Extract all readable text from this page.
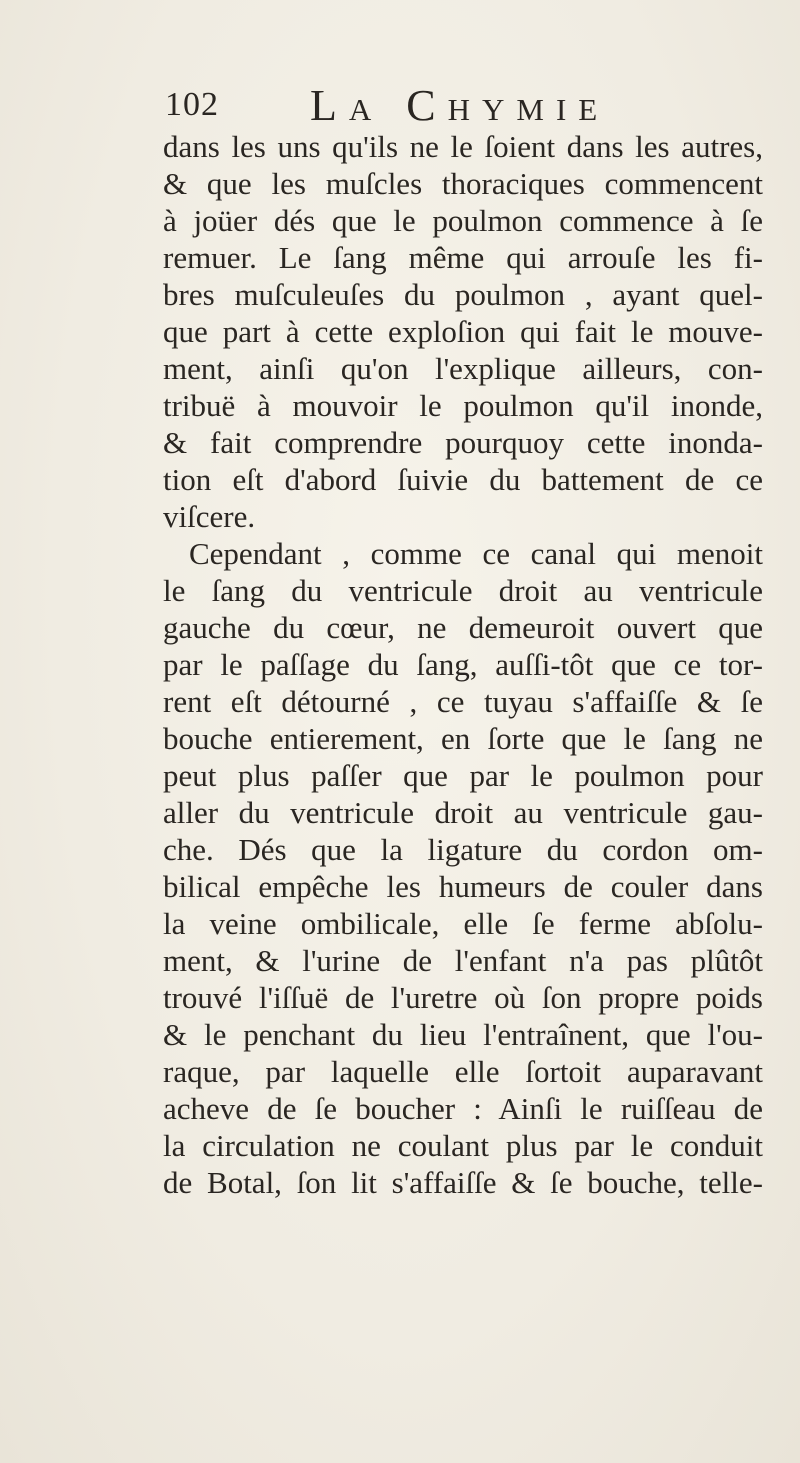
102 La Chymie
dans les uns qu'ils ne le ſoient dans les autres,
& que les muſcles thoraciques commencent
à joüer dés que le poulmon commence à ſe
remuer. Le ſang même qui arrouſe les fi-
bres muſculeuſes du poulmon , ayant quel-
que part à cette exploſion qui fait le mouve-
ment, ainſi qu'on l'explique ailleurs, con-
tribuë à mouvoir le poulmon qu'il inonde,
& fait comprendre pourquoy cette inonda-
tion eſt d'abord ſuivie du battement de ce
viſcere.
Cependant , comme ce canal qui menoit
le ſang du ventricule droit au ventricule
gauche du cœur, ne demeuroit ouvert que
par le paſſage du ſang, auſſi-tôt que ce tor-
rent eſt détourné , ce tuyau s'affaiſſe & ſe
bouche entierement, en ſorte que le ſang ne
peut plus paſſer que par le poulmon pour
aller du ventricule droit au ventricule gau-
che. Dés que la ligature du cordon om-
bilical empêche les humeurs de couler dans
la veine ombilicale, elle ſe ferme abſolu-
ment, & l'urine de l'enfant n'a pas plûtôt
trouvé l'iſſuë de l'uretre où ſon propre poids
& le penchant du lieu l'entraînent, que l'ou-
raque, par laquelle elle ſortoit auparavant
acheve de ſe boucher : Ainſi le ruiſſeau de
la circulation ne coulant plus par le conduit
de Botal, ſon lit s'affaiſſe & ſe bouche, telle-
